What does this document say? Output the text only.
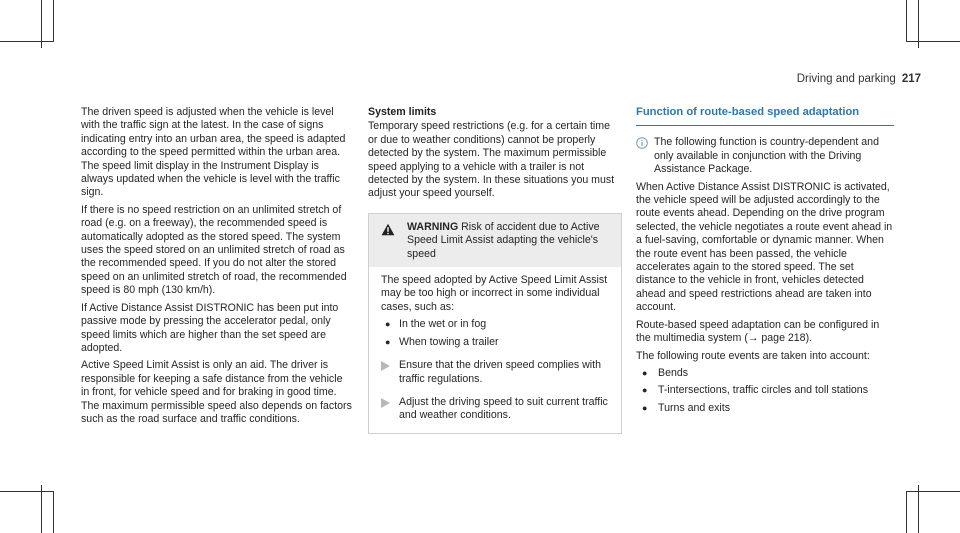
Driving and parking 217

The driven speed is adjusted when the vehicle is level with the traffic sign at the latest. In the case of signs indicating entry into an urban area, the speed is adapted according to the speed permitted within the urban area. The speed limit display in the Instrument Display is always updated when the vehicle is level with the traffic sign.

If there is no speed restriction on an unlimited stretch of road (e.g. on a freeway), the recommended speed is automatically adopted as the stored speed. The system uses the speed stored on an unlimited stretch of road as the recommended speed. If you do not alter the stored speed on an unlimited stretch of road, the recommended speed is 80 mph (130 km/h).

If Active Distance Assist DISTRONIC has been put into passive mode by pressing the accelerator pedal, only speed limits which are higher than the set speed are adopted.

Active Speed Limit Assist is only an aid. The driver is responsible for keeping a safe distance from the vehicle in front, for vehicle speed and for braking in good time. The maximum permissible speed also depends on factors such as the road surface and traffic conditions.

System limits

Temporary speed restrictions (e.g. for a certain time or due to weather conditions) cannot be properly detected by the system. The maximum permissible speed applying to a vehicle with a trailer is not detected by the system. In these situations you must adjust your speed yourself.

WARNING Risk of accident due to Active Speed Limit Assist adapting the vehicle's speed

The speed adopted by Active Speed Limit Assist may be too high or incorrect in some individual cases, such as:

● In the wet or in fog
● When towing a trailer
Ensure that the driven speed complies with traffic regulations.
Adjust the driving speed to suit current traffic and weather conditions.
Function of route-based speed adaptation
The following function is country-dependent and only available in conjunction with the Driving Assistance Package.

When Active Distance Assist DISTRONIC is activated, the vehicle speed will be adjusted accordingly to the route events ahead. Depending on the drive program selected, the vehicle negotiates a route event ahead in a fuel-saving, comfortable or dynamic manner. When the route event has been passed, the vehicle accelerates again to the stored speed. The set distance to the vehicle in front, vehicles detected ahead and speed restrictions ahead are taken into account.

Route-based speed adaptation can be configured in the multimedia system (→ page 218).

The following route events are taken into account:

● Bends
● T-intersections, traffic circles and toll stations
● Turns and exits
